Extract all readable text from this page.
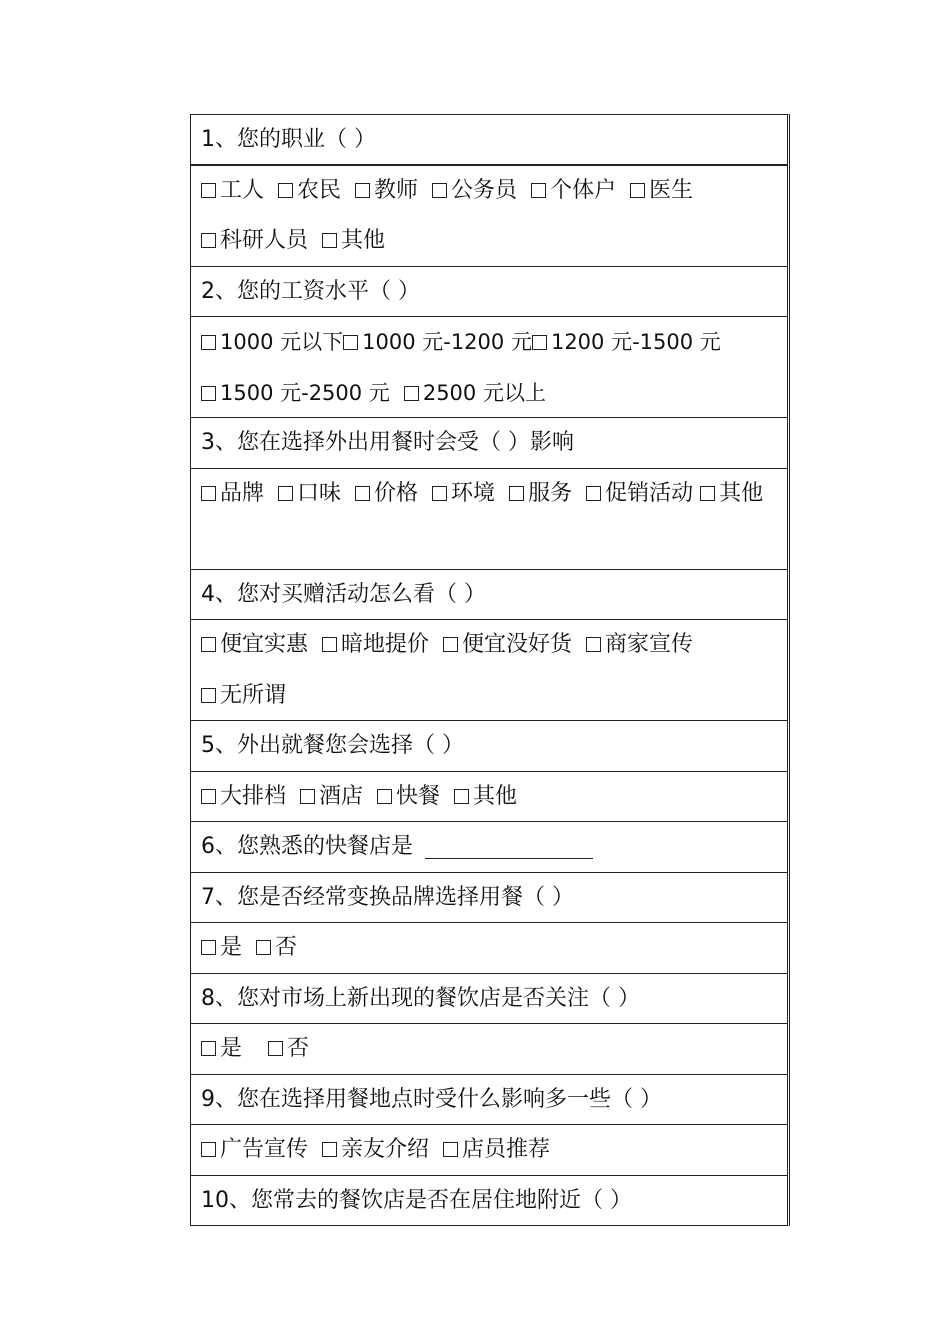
1、您的职业（ ）
工人 农民 教师 公务员 个体户 医生 科研人员 其他
2、您的工资水平（ ）
1000 元以下 1000 元-1200 元 1200 元-1500 元1500 元-2500 元 2500 元以上
3、您在选择外出用餐时会受（ ）影响
品牌 口味 价格 环境 服务 促销活动 其他
4、您对买赠活动怎么看（ ）
便宜实惠 暗地提价 便宜没好货 商家宣传 无所谓
5、外出就餐您会选择（ ）
大排档 酒店 快餐 其他
6、您熟悉的快餐店是
7、您是否经常变换品牌选择用餐（ ）
是 否
8、您对市场上新出现的餐饮店是否关注（ ）
是 否
9、您在选择用餐地点时受什么影响多一些（ ）
广告宣传 亲友介绍 店员推荐
10、您常去的餐饮店是否在居住地附近（ ）
